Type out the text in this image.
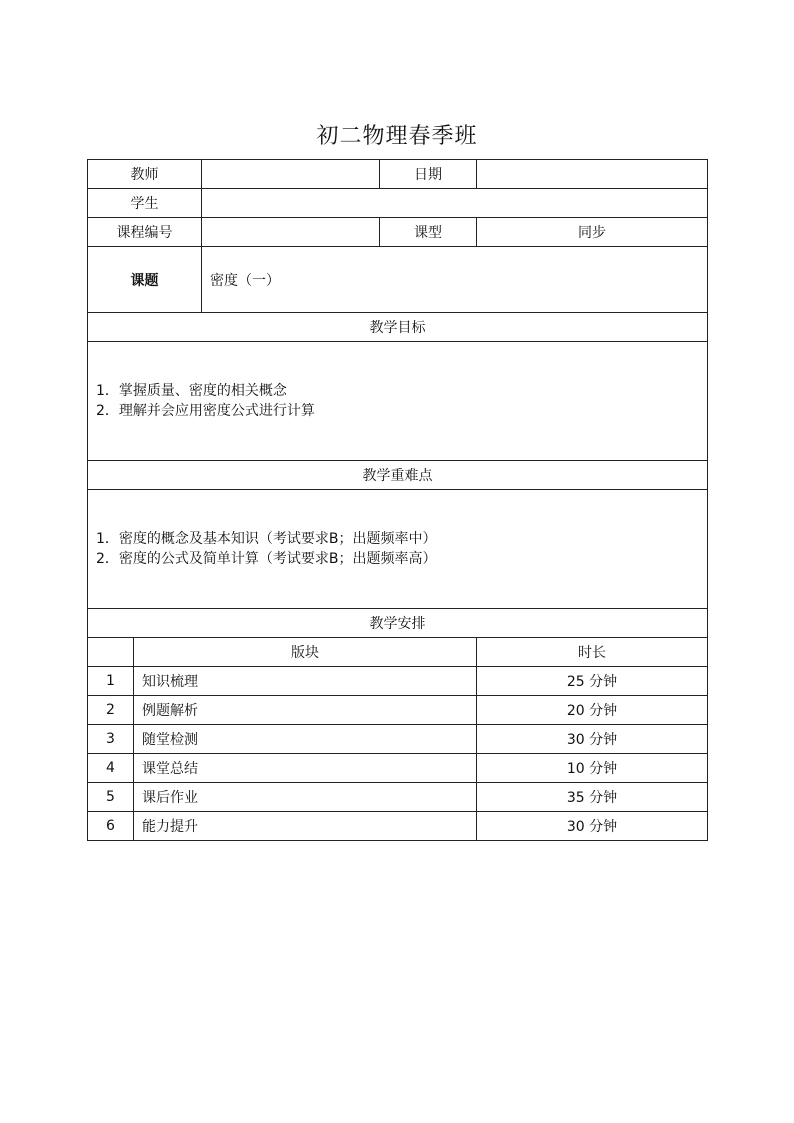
初二物理春季班
教师			日期	
学生				
课程编号			课型	同步
课题		密度（一）		
教学目标				

1．掌握质量、密度的相关概念
2．理解并会应用密度公式进行计算				

教学重难点				

1．密度的概念及基本知识（考试要求B；出题频率中）
2．密度的公式及简单计算（考试要求B；出题频率高）				

教学安排				
	版块			时长
1	知识梳理			25 分钟
2	例题解析			20 分钟
3	随堂检测			30 分钟
4	课堂总结			10 分钟
5	课后作业			35 分钟
6	能力提升			30 分钟
